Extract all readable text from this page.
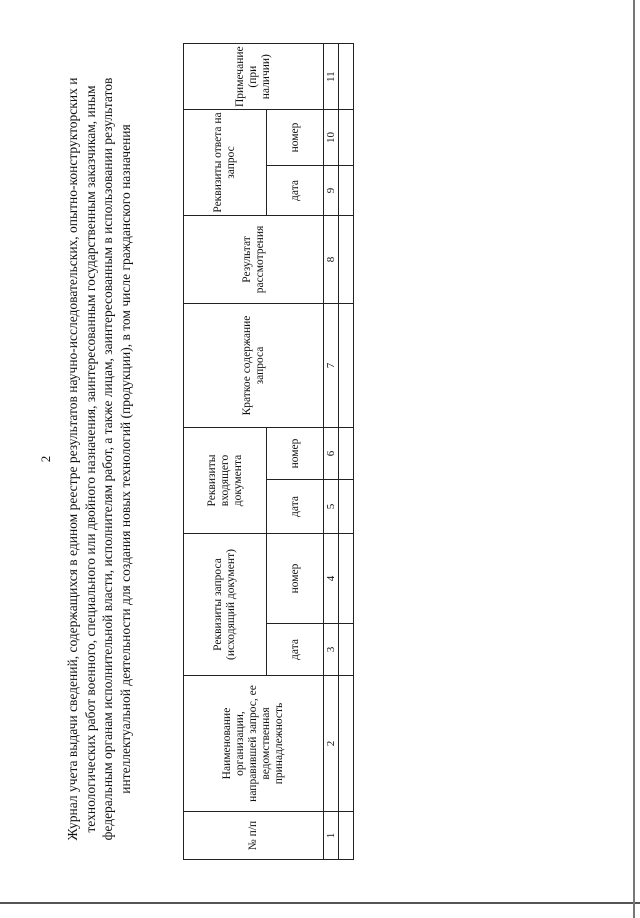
2 Журнал учета выдачи сведений, содержащихся в едином реестре результатов научно-исследовательских, опытно-конструкторских и технологических работ военного, специального или двойного назначения, заинтересованным государственным заказчикам, иным федеральным органам исполнительной власти, исполнителям работ, а также лицам, заинтересованным в использовании результатов интеллектуальной деятельности для создания новых технологий (продукции), в том числе гражданского назначения
№ п/п	Наименование организации, направившей запрос, ее ведомственная принадлежность	Реквизиты запроса (исходящий документ)		Реквизиты входящего документа		Краткое содержание запроса	Результат рассмотрения	Реквизиты ответа на запрос		Примечание (при наличии)
		дата	номер	дата	номер			дата	номер	
1	2	3	4	5	6	7	8	9	10	11
